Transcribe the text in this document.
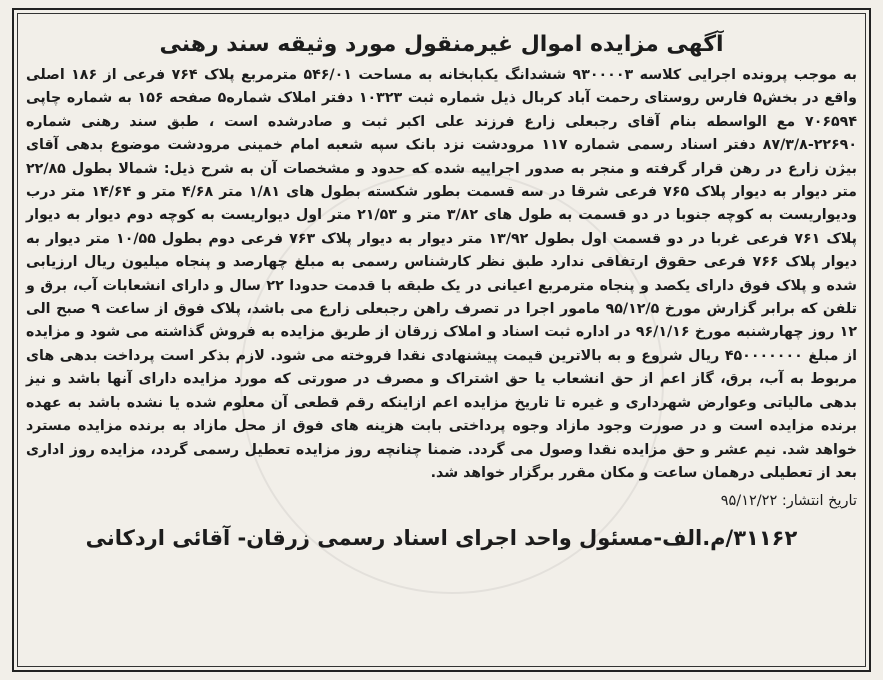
آگهی مزایده اموال غیرمنقول مورد وثیقه سند رهنی

به موجب پرونده اجرایی کلاسه ۹۳۰۰۰۰۳ ششدانگ یکبابخانه به مساحت ۵۴۶/۰۱ مترمربع پلاک ۷۶۴ فرعی از ۱۸۶ اصلی واقع در بخش۵ فارس روستای رحمت آباد کربال ذیل شماره ثبت ۱۰۳۲۳ دفتر املاک شماره۵ صفحه ۱۵۶ به شماره چاپی ۷۰۶۵۹۴ مع الواسطه بنام آقای رجبعلی زارع فرزند علی اکبر ثبت و صادرشده است ، طبق سند رهنی شماره ۲۲۶۹۰-۸۷/۳/۸ دفتر اسناد رسمی شماره ۱۱۷ مرودشت نزد بانک سپه شعبه امام خمینی مرودشت موضوع بدهی آقای بیژن زارع در رهن قرار گرفته و منجر به صدور اجراییه شده که حدود و مشخصات آن به شرح ذیل: شمالا بطول ۲۲/۸۵ متر دیوار به دیوار پلاک ۷۶۵ فرعی شرقا در سه قسمت بطور شکسته بطول های ۱/۸۱ متر ۴/۶۸ متر و ۱۴/۶۴ متر درب ودیواریست به کوچه جنوبا در دو قسمت به طول های ۳/۸۲ متر و ۲۱/۵۳ متر اول دیواریست به کوچه دوم دیوار به دیوار پلاک ۷۶۱ فرعی غربا در دو قسمت اول بطول ۱۳/۹۲ متر دیوار به دیوار پلاک ۷۶۳ فرعی دوم بطول ۱۰/۵۵ متر دیوار به دیوار پلاک ۷۶۶ فرعی حقوق ارتفاقی ندارد طبق نظر کارشناس رسمی به مبلغ چهارصد و پنجاه میلیون ریال ارزیابی شده و پلاک فوق دارای یکصد و پنجاه مترمربع اعیانی در یک طبقه با قدمت حدودا ۲۲ سال و دارای انشعابات آب، برق و تلفن که برابر گزارش مورخ ۹۵/۱۲/۵ مامور اجرا در تصرف راهن رجبعلی زارع می باشد، پلاک فوق از ساعت ۹ صبح الی ۱۲ روز چهارشنبه مورخ ۹۶/۱/۱۶ در اداره ثبت اسناد و املاک زرقان از طریق مزایده به فروش گذاشته می شود و مزایده از مبلغ ۴۵۰۰۰۰۰۰۰ ریال شروع و به بالاترین قیمت پیشنهادی نقدا فروخته می شود. لازم بذکر است پرداخت بدهی های مربوط به آب، برق، گاز اعم از حق انشعاب یا حق اشتراک و مصرف در صورتی که مورد مزایده دارای آنها باشد و نیز بدهی مالیاتی وعوارض شهرداری و غیره تا تاریخ مزایده اعم ازاینکه رقم قطعی آن معلوم شده یا نشده باشد به عهده برنده مزایده است و در صورت وجود مازاد وجوه پرداختی بابت هزینه های فوق از محل مازاد به برنده مزایده مسترد خواهد شد. نیم عشر و حق مزایده نقدا وصول می گردد. ضمنا چنانچه روز مزایده تعطیل رسمی گردد، مزایده روز اداری بعد از تعطیلی درهمان ساعت و مکان مقرر برگزار خواهد شد.

تاریخ انتشار: ۹۵/۱۲/۲۲
۳۱۱۶۲/م.الف-مسئول واحد اجرای اسناد رسمی زرقان- آقائی اردکانی
